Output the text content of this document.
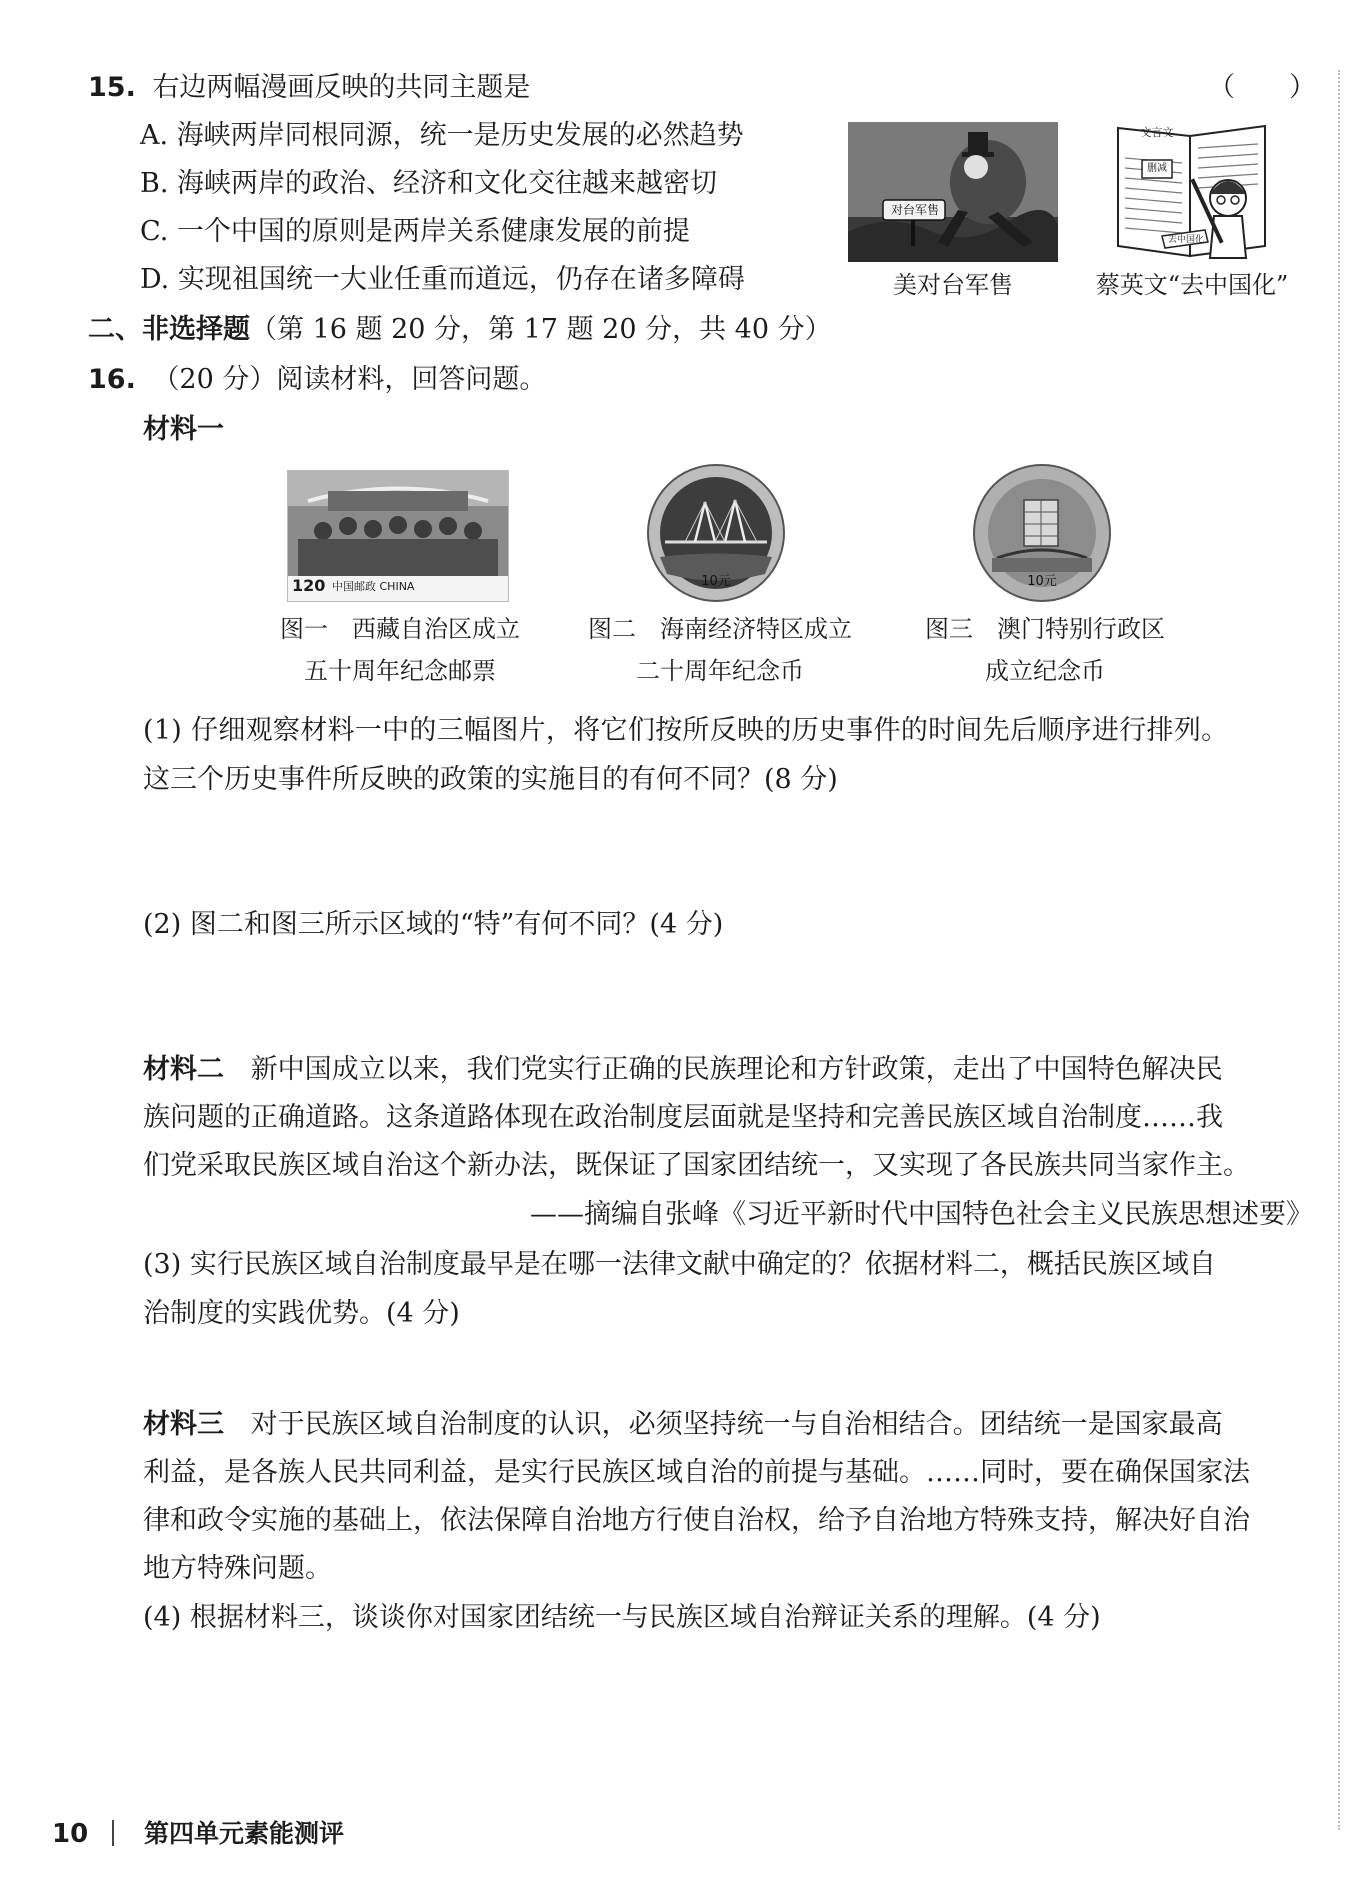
15. 右边两幅漫画反映的共同主题是	（　　）
A. 海峡两岸同根同源，统一是历史发展的必然趋势
B. 海峡两岸的政治、经济和文化交往越来越密切
C. 一个中国的原则是两岸关系健康发展的前提
D. 实现祖国统一大业任重而道远，仍存在诸多障碍
对台军售
美对台军售
文言文
删减
去中国化
蔡英文“去中国化”
二、非选择题（第 16 题 20 分，第 17 题 20 分，共 40 分）
16. （20 分）阅读材料，回答问题。
材料一
120 中国邮政 CHINA	10元	10元
图一　西藏自治区成立
五十周年纪念邮票
图二　海南经济特区成立
二十周年纪念币
图三　澳门特别行政区
成立纪念币
(1) 仔细观察材料一中的三幅图片，将它们按所反映的历史事件的时间先后顺序进行排列。
这三个历史事件所反映的政策的实施目的有何不同？(8 分)
(2) 图二和图三所示区域的“特”有何不同？(4 分)
材料二 新中国成立以来，我们党实行正确的民族理论和方针政策，走出了中国特色解决民
族问题的正确道路。这条道路体现在政治制度层面就是坚持和完善民族区域自治制度……我
们党采取民族区域自治这个新办法，既保证了国家团结统一，又实现了各民族共同当家作主。
——摘编自张峰《习近平新时代中国特色社会主义民族思想述要》
(3) 实行民族区域自治制度最早是在哪一法律文献中确定的？依据材料二，概括民族区域自
治制度的实践优势。(4 分)
材料三 对于民族区域自治制度的认识，必须坚持统一与自治相结合。团结统一是国家最高
利益，是各族人民共同利益，是实行民族区域自治的前提与基础。……同时，要在确保国家法
律和政令实施的基础上，依法保障自治地方行使自治权，给予自治地方特殊支持，解决好自治
地方特殊问题。
(4) 根据材料三，谈谈你对国家团结统一与民族区域自治辩证关系的理解。(4 分)
10 第四单元素能测评
